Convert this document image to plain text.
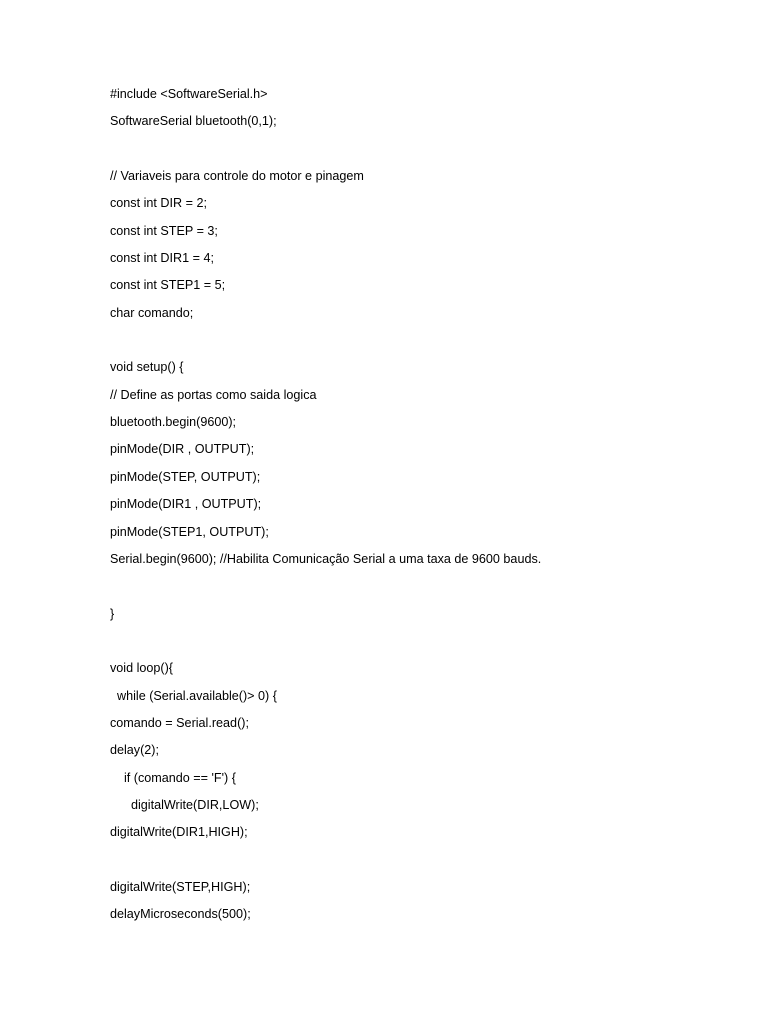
#include <SoftwareSerial.h>

SoftwareSerial bluetooth(0,1);

// Variaveis para controle do motor e pinagem

const int DIR = 2;

const int STEP = 3;

const int DIR1 = 4;

const int STEP1 = 5;

char comando;

void setup() {

// Define as portas como saida logica

bluetooth.begin(9600);

pinMode(DIR , OUTPUT);

pinMode(STEP, OUTPUT);

pinMode(DIR1 , OUTPUT);

pinMode(STEP1, OUTPUT);

Serial.begin(9600); //Habilita Comunicação Serial a uma taxa de 9600 bauds.

}

void loop(){

while (Serial.available()> 0) {

comando = Serial.read();

delay(2);

if (comando == 'F') {

digitalWrite(DIR,LOW);

digitalWrite(DIR1,HIGH);

digitalWrite(STEP,HIGH);

delayMicroseconds(500);
